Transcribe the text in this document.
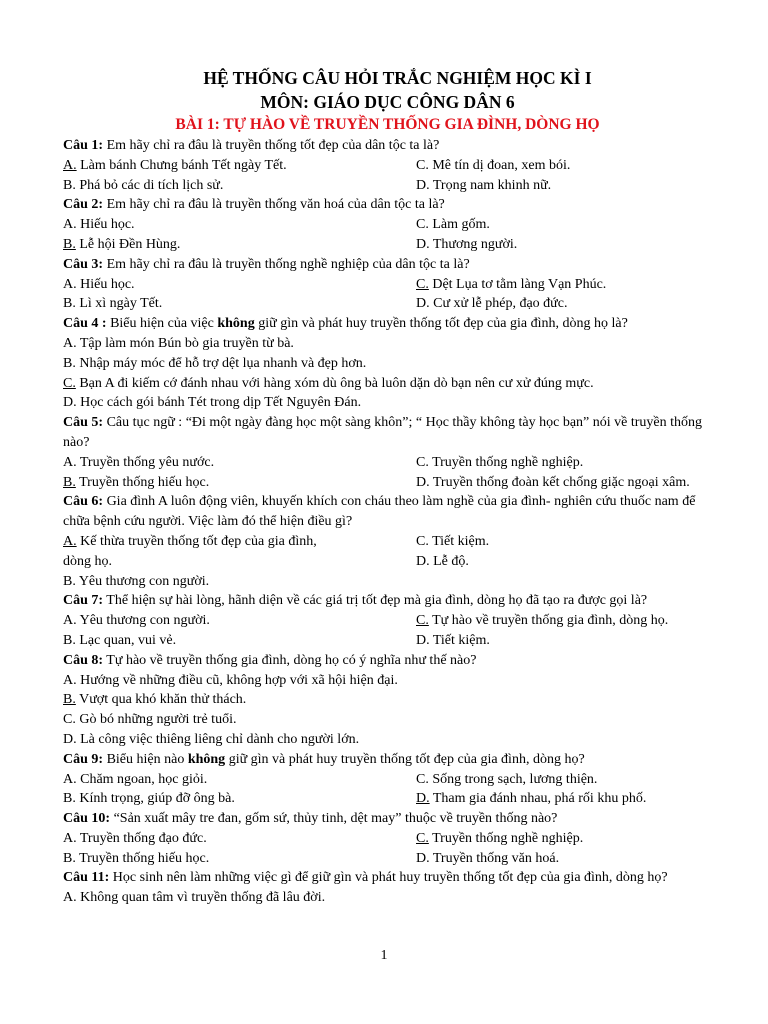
HỆ THỐNG CÂU HỎI TRẮC NGHIỆM HỌC KÌ I
MÔN: GIÁO DỤC CÔNG DÂN 6
BÀI 1: TỰ HÀO VỀ TRUYỀN THỐNG GIA ĐÌNH, DÒNG HỌ
Câu 1: Em hãy chỉ ra đâu là truyền thống tốt đẹp của dân tộc ta là?
A. Làm bánh Chưng bánh Tết ngày Tết.	C. Mê tín dị đoan, xem bói.
B. Phá bỏ các di tích lịch sử.	D. Trọng nam khinh nữ.
Câu 2: Em hãy chỉ ra đâu là truyền thống văn hoá của dân tộc ta là?
A. Hiếu học.	C. Làm gốm.
B. Lễ hội Đền Hùng.	D. Thương người.
Câu 3: Em hãy chỉ ra đâu là truyền thống nghề nghiệp của dân tộc ta là?
A. Hiếu học.	C. Dệt Lụa tơ tằm làng Vạn Phúc.
B. Lì xì ngày Tết.	D. Cư xử lễ phép, đạo đức.
Câu 4 : Biểu hiện của việc không giữ gìn và phát huy truyền thống tốt đẹp của gia đình, dòng họ là?
A. Tập làm món Bún bò gia truyền từ bà.
B. Nhập máy móc để hỗ trợ dệt lụa nhanh và đẹp hơn.
C. Bạn A đi kiếm cớ đánh nhau với hàng xóm dù ông bà luôn dặn dò bạn nên cư xử đúng mực.
D. Học cách gói bánh Tét trong dịp Tết Nguyên Đán.
Câu 5: Câu tục ngữ : “Đi một ngày đàng học một sàng khôn”; “ Học thầy không tày học bạn” nói về truyền thống nào?
A. Truyền thống yêu nước.	C. Truyền thống nghề nghiệp.
B. Truyền thống hiếu học.	D. Truyền thống đoàn kết chống giặc ngoại xâm.
Câu 6: Gia đình A luôn động viên, khuyến khích con cháu theo làm nghề của gia đình- nghiên cứu thuốc nam để chữa bệnh cứu người. Việc làm đó thể hiện điều gì?
A. Kế thừa truyền thống tốt đẹp của gia đình,	C. Tiết kiệm.
dòng họ.	D. Lễ độ.
B. Yêu thương con người.
Câu 7: Thể hiện sự hài lòng, hãnh diện về các giá trị tốt đẹp mà gia đình, dòng họ đã tạo ra được gọi là?
A. Yêu thương con người.	C. Tự hào về truyền thống gia đình, dòng họ.
B. Lạc quan, vui vẻ.	D. Tiết kiệm.
Câu 8: Tự hào về truyền thống gia đình, dòng họ có ý nghĩa như thế nào?
A. Hướng về những điều cũ, không hợp với xã hội hiện đại.
B. Vượt qua khó khăn thử thách.
C. Gò bó những người trẻ tuổi.
D. Là công việc thiêng liêng chỉ dành cho người lớn.
Câu 9: Biểu hiện nào không giữ gìn và phát huy truyền thống tốt đẹp của gia đình, dòng họ?
A. Chăm ngoan, học giỏi.	C. Sống trong sạch, lương thiện.
B. Kính trọng, giúp đỡ ông bà.	D. Tham gia đánh nhau, phá rối khu phố.
Câu 10: “Sản xuất mây tre đan, gốm sứ, thủy tinh, dệt may” thuộc về truyền thống nào?
A. Truyền thống đạo đức.	C. Truyền thống nghề nghiệp.
B. Truyền thống hiếu học.	D. Truyền thống văn hoá.
Câu 11: Học sinh nên làm những việc gì để giữ gìn và phát huy truyền thống tốt đẹp của gia đình, dòng họ?
A. Không quan tâm vì truyền thống đã lâu đời.
1
